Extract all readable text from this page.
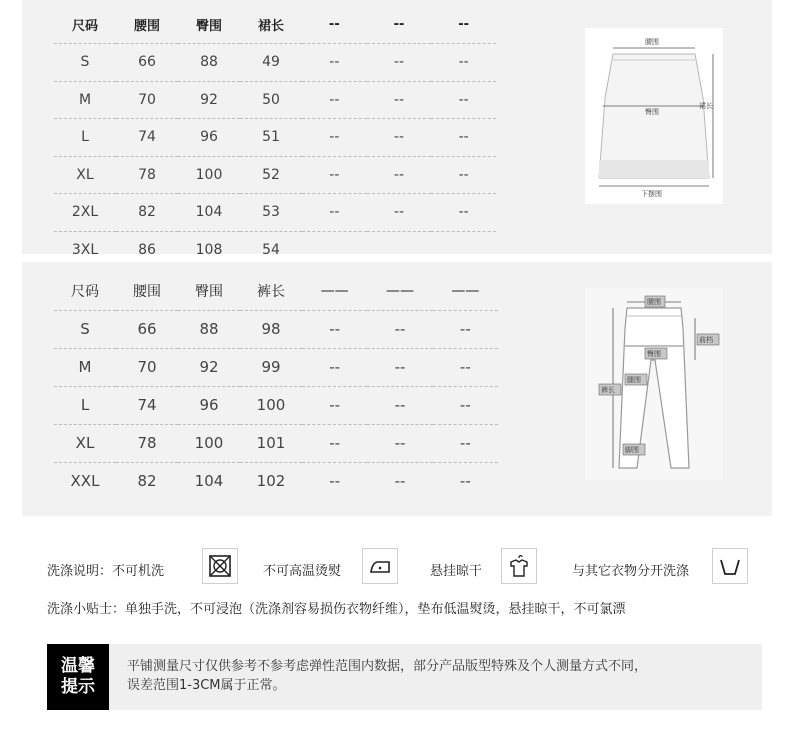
尺码	腰围	臀围	裙长	--	--	--
S	66	88	49	--	--	--
M	70	92	50	--	--	--
L	74	96	51	--	--	--
XL	78	100	52	--	--	--
2XL	82	104	53	--	--	--
3XL	86	108	54			
腰围
臀围
裙长
下摆围
尺码	腰围	臀围	裤长	——	——	——
S	66	88	98	--	--	--
M	70	92	99	--	--	--
L	74	96	100	--	--	--
XL	78	100	101	--	--	--
XXL	82	104	102	--	--	--
腰围
前档
臀围
腿围
裤长
脚围
洗涤说明：不可机洗	不可高温烫熨	悬挂晾干	与其它衣物分开洗涤
洗涤小贴士：单独手洗，不可浸泡（洗涤剂容易损伤衣物纤维），垫布低温熨烫，悬挂晾干，不可氯漂
温馨
提示
平铺测量尺寸仅供参考不参考虑弹性范围内数据，部分产品版型特殊及个人测量方式不同，
误差范围1-3CM属于正常。
